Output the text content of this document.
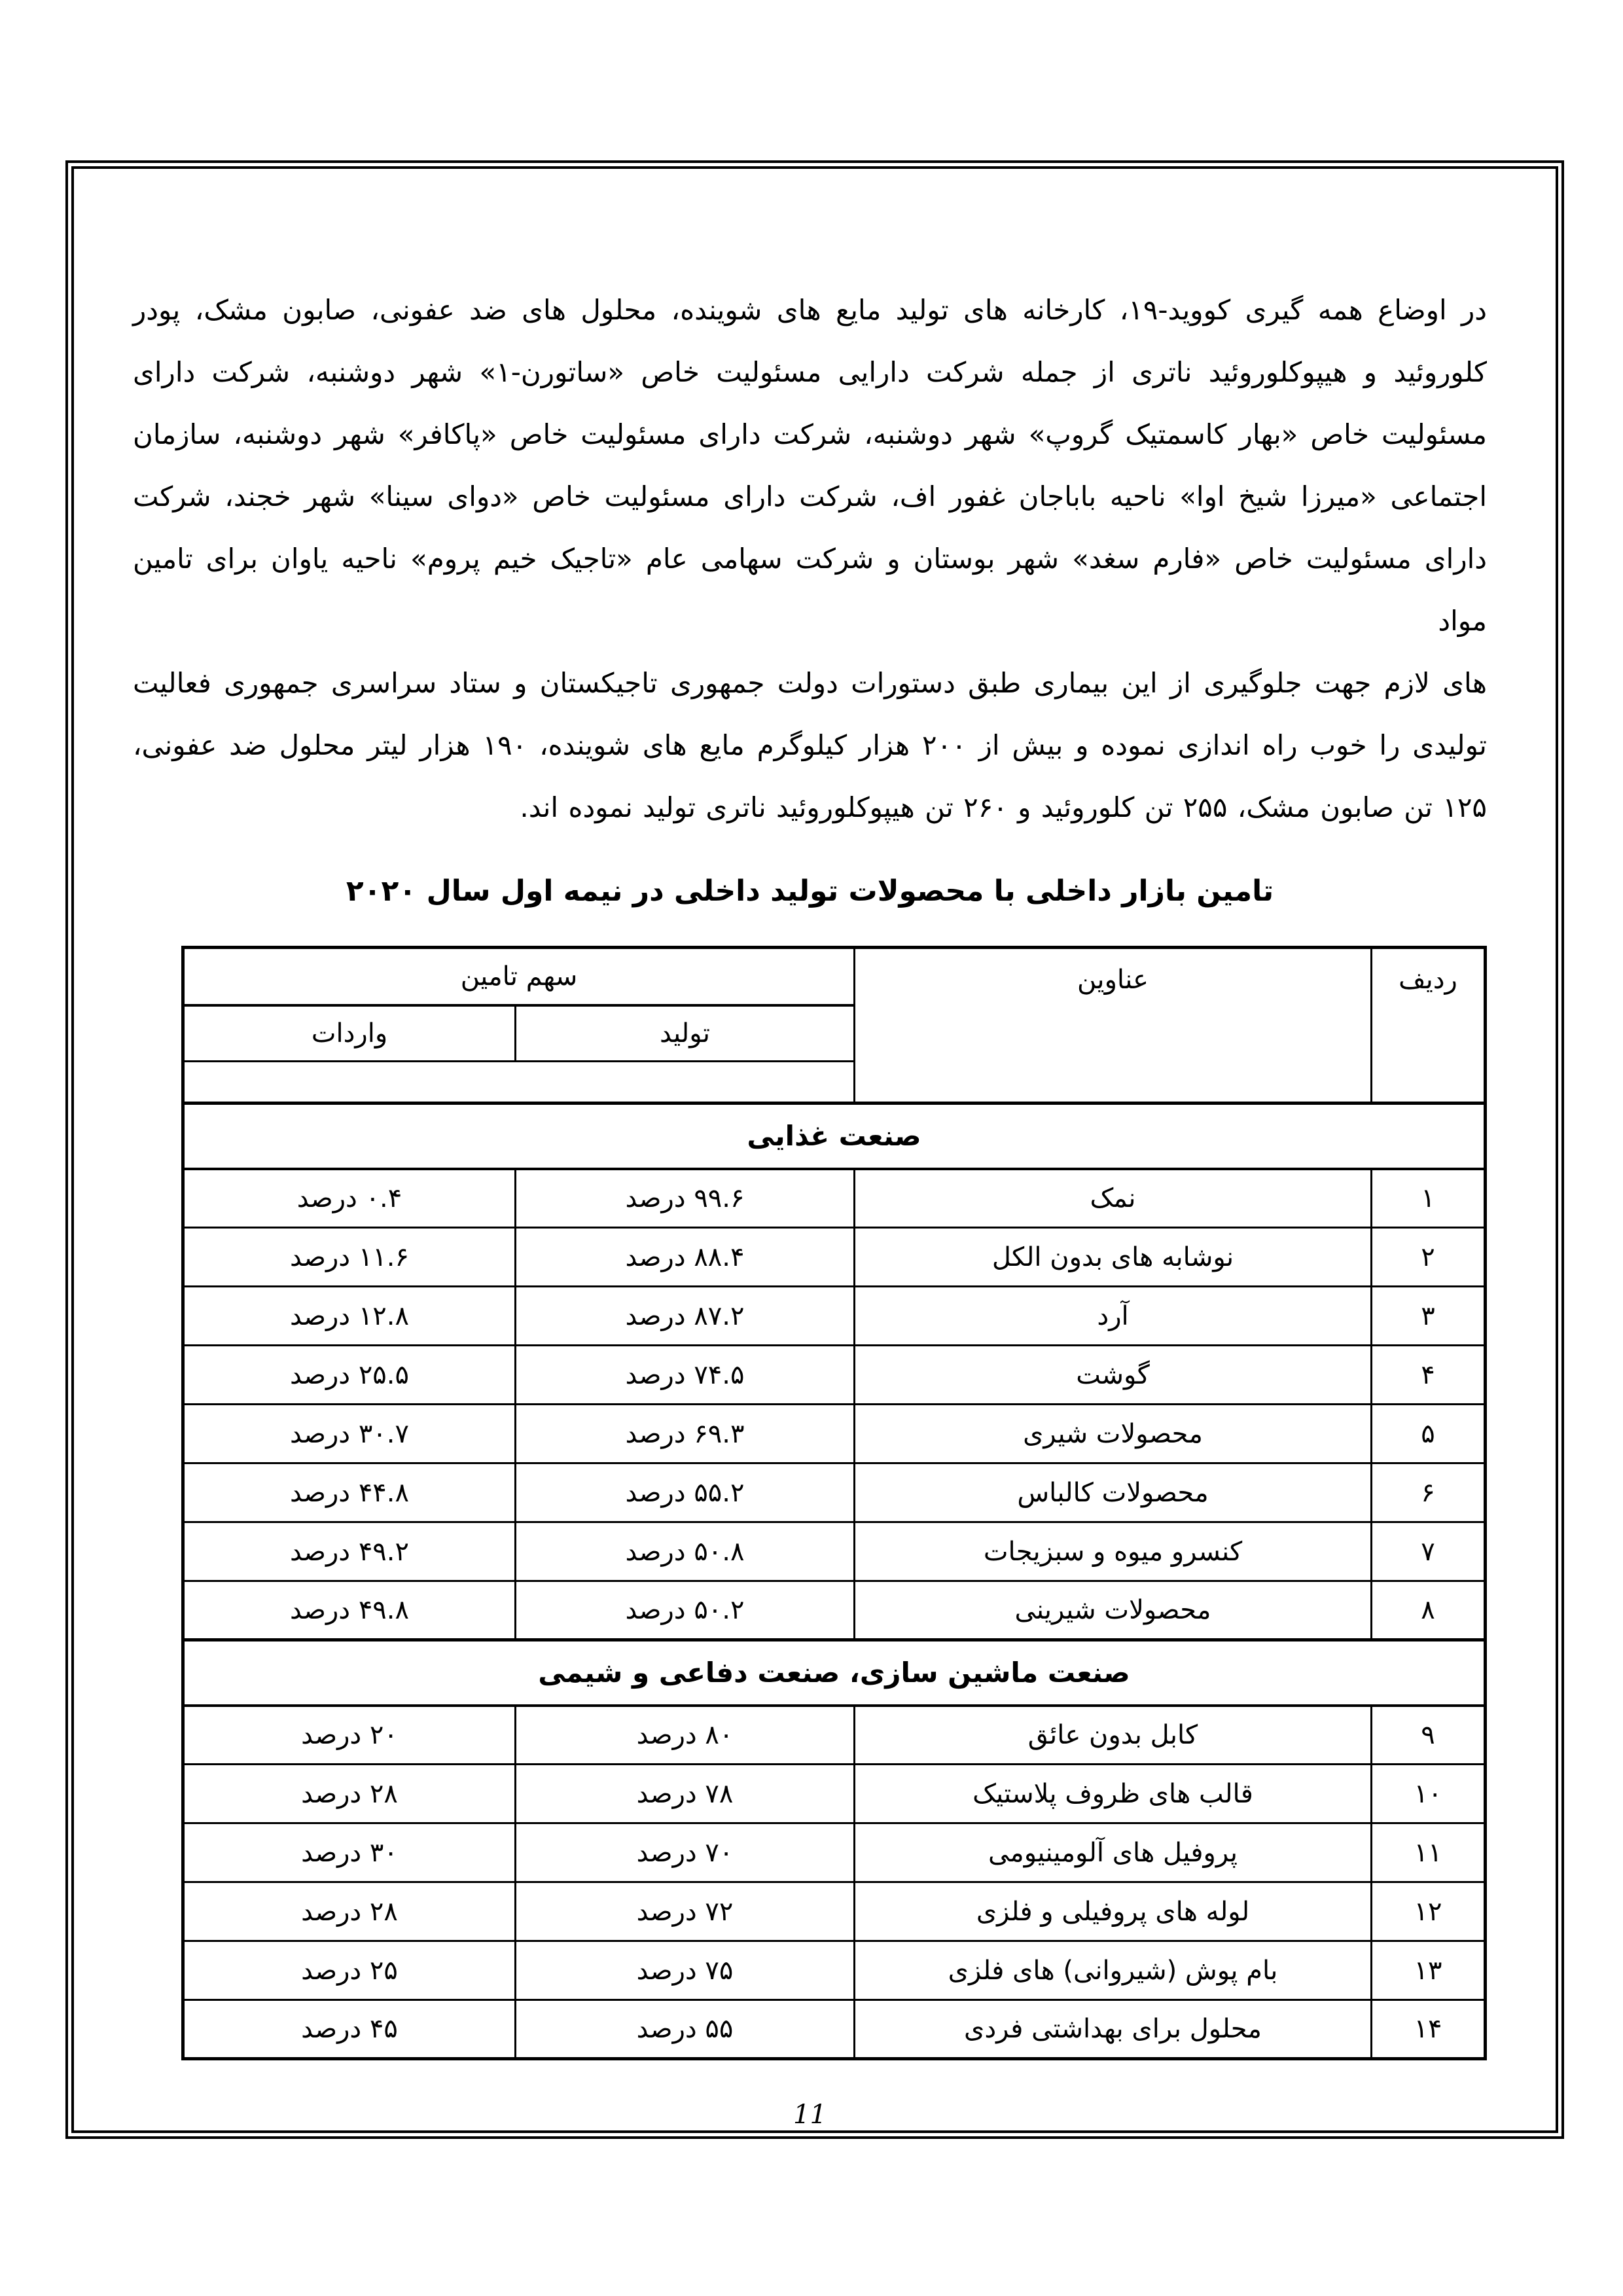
در اوضاع همه گیری کووید-۱۹، کارخانه های تولید مایع های شوینده، محلول های ضد عفونی، صابون مشک، پودر
کلوروئید و هیپوکلوروئید ناتری از جمله شرکت دارایی مسئولیت خاص «ساتورن-۱» شهر دوشنبه، شرکت دارای
مسئولیت خاص «بهار کاسمتیک گروپ» شهر دوشنبه، شرکت دارای مسئولیت خاص «پاکافر» شهر دوشنبه، سازمان
اجتماعی «میرزا شیخ اوا» ناحیه باباجان غفور اف، شرکت دارای مسئولیت خاص «دوای سینا» شهر خجند، شرکت
دارای مسئولیت خاص «فارم سغد» شهر بوستان و شرکت سهامی عام «تاجیک خیم پروم» ناحیه یاوان برای تامین مواد
های لازم جهت جلوگیری از این بیماری طبق دستورات دولت جمهوری تاجیکستان و ستاد سراسری جمهوری فعالیت
تولیدی را خوب راه اندازی نموده و بیش از ۲۰۰ هزار کیلوگرم مایع های شوینده، ۱۹۰ هزار لیتر محلول ضد عفونی،
۱۲۵ تن صابون مشک، ۲۵۵ تن کلوروئید و ۲۶۰ تن هیپوکلوروئید ناتری تولید نموده اند.
تامین بازار داخلی با محصولات تولید داخلی در نیمه اول سال ۲۰۲۰
ردیف	عناوین	سهم تامین	
		تولید	واردات

صنعت غذایی			
۱	نمک	۹۹.۶ درصد	۰.۴ درصد
۲	نوشابه های بدون الکل	۸۸.۴ درصد	۱۱.۶ درصد
۳	آرد	۸۷.۲ درصد	۱۲.۸ درصد
۴	گوشت	۷۴.۵ درصد	۲۵.۵ درصد
۵	محصولات شیری	۶۹.۳ درصد	۳۰.۷ درصد
۶	محصولات کالباس	۵۵.۲ درصد	۴۴.۸ درصد
۷	کنسرو میوه و سبزیجات	۵۰.۸ درصد	۴۹.۲ درصد
۸	محصولات شیرینی	۵۰.۲ درصد	۴۹.۸ درصد
صنعت ماشین سازی، صنعت دفاعی و شیمی			
۹	کابل بدون عائق	۸۰ درصد	۲۰ درصد
۱۰	قالب های ظروف پلاستیک	۷۸ درصد	۲۸ درصد
۱۱	پروفیل های آلومینیومی	۷۰ درصد	۳۰ درصد
۱۲	لوله های پروفیلی و فلزی	۷۲ درصد	۲۸ درصد
۱۳	بام پوش (شیروانی) های فلزی	۷۵ درصد	۲۵ درصد
۱۴	محلول برای بهداشتی فردی	۵۵ درصد	۴۵ درصد
11
